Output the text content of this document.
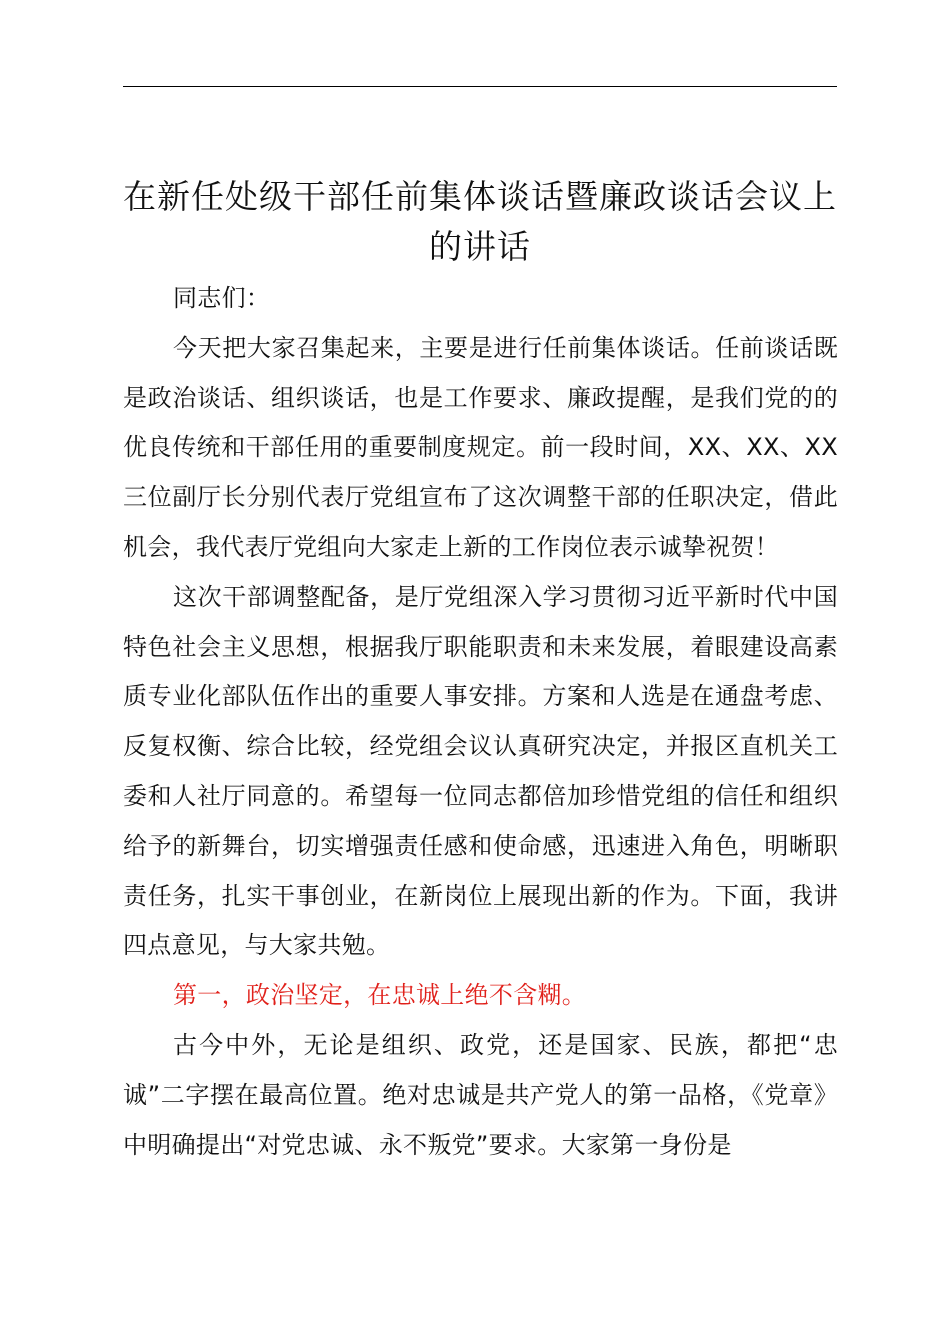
在新任处级干部任前集体谈话暨廉政谈话会议上的讲话

同志们：

今天把大家召集起来，主要是进行任前集体谈话。任前谈话既是政治谈话、组织谈话，也是工作要求、廉政提醒，是我们党的的优良传统和干部任用的重要制度规定。前一段时间，XX、XX、XX三位副厅长分别代表厅党组宣布了这次调整干部的任职决定，借此机会，我代表厅党组向大家走上新的工作岗位表示诚挚祝贺！

这次干部调整配备，是厅党组深入学习贯彻习近平新时代中国特色社会主义思想，根据我厅职能职责和未来发展，着眼建设高素质专业化部队伍作出的重要人事安排。方案和人选是在通盘考虑、反复权衡、综合比较，经党组会议认真研究决定，并报区直机关工委和人社厅同意的。希望每一位同志都倍加珍惜党组的信任和组织给予的新舞台，切实增强责任感和使命感，迅速进入角色，明晰职责任务，扎实干事创业，在新岗位上展现出新的作为。下面，我讲四点意见，与大家共勉。

第一，政治坚定，在忠诚上绝不含糊。

古今中外，无论是组织、政党，还是国家、民族，都把“忠诚”二字摆在最高位置。绝对忠诚是共产党人的第一品格，《党章》中明确提出“对党忠诚、永不叛党”要求。大家第一身份是
